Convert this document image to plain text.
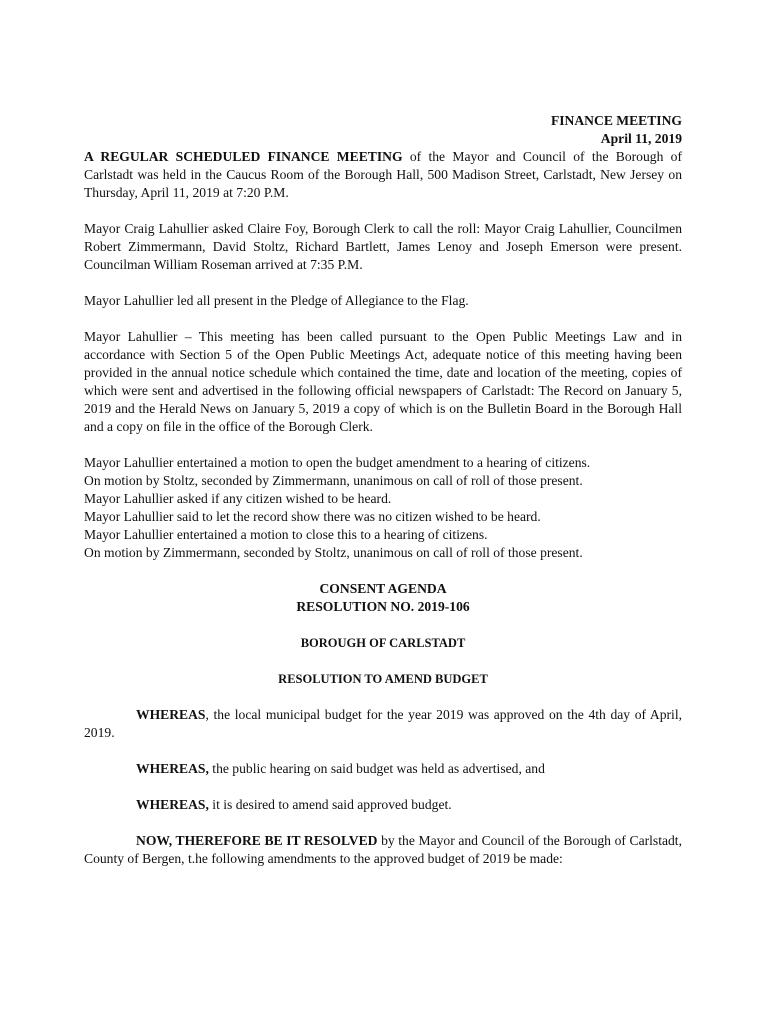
FINANCE MEETING
April 11, 2019

A REGULAR SCHEDULED FINANCE MEETING of the Mayor and Council of the Borough of Carlstadt was held in the Caucus Room of the Borough Hall, 500 Madison Street, Carlstadt, New Jersey on Thursday, April 11, 2019 at 7:20 P.M.

Mayor Craig Lahullier asked Claire Foy, Borough Clerk to call the roll: Mayor Craig Lahullier, Councilmen Robert Zimmermann, David Stoltz, Richard Bartlett, James Lenoy and Joseph Emerson were present. Councilman William Roseman arrived at 7:35 P.M.

Mayor Lahullier led all present in the Pledge of Allegiance to the Flag.

Mayor Lahullier – This meeting has been called pursuant to the Open Public Meetings Law and in accordance with Section 5 of the Open Public Meetings Act, adequate notice of this meeting having been provided in the annual notice schedule which contained the time, date and location of the meeting, copies of which were sent and advertised in the following official newspapers of Carlstadt: The Record on January 5, 2019 and the Herald News on January 5, 2019 a copy of which is on the Bulletin Board in the Borough Hall and a copy on file in the office of the Borough Clerk.

Mayor Lahullier entertained a motion to open the budget amendment to a hearing of citizens.

On motion by Stoltz, seconded by Zimmermann, unanimous on call of roll of those present.

Mayor Lahullier asked if any citizen wished to be heard.

Mayor Lahullier said to let the record show there was no citizen wished to be heard.

Mayor Lahullier entertained a motion to close this to a hearing of citizens.

On motion by Zimmermann, seconded by Stoltz, unanimous on call of roll of those present.

CONSENT AGENDA
RESOLUTION NO. 2019-106
BOROUGH OF CARLSTADT
RESOLUTION TO AMEND BUDGET

WHEREAS, the local municipal budget for the year 2019 was approved on the 4th day of April, 2019.

WHEREAS, the public hearing on said budget was held as advertised, and

WHEREAS, it is desired to amend said approved budget.

NOW, THEREFORE BE IT RESOLVED by the Mayor and Council of the Borough of Carlstadt, County of Bergen, t.he following amendments to the approved budget of 2019 be made:
